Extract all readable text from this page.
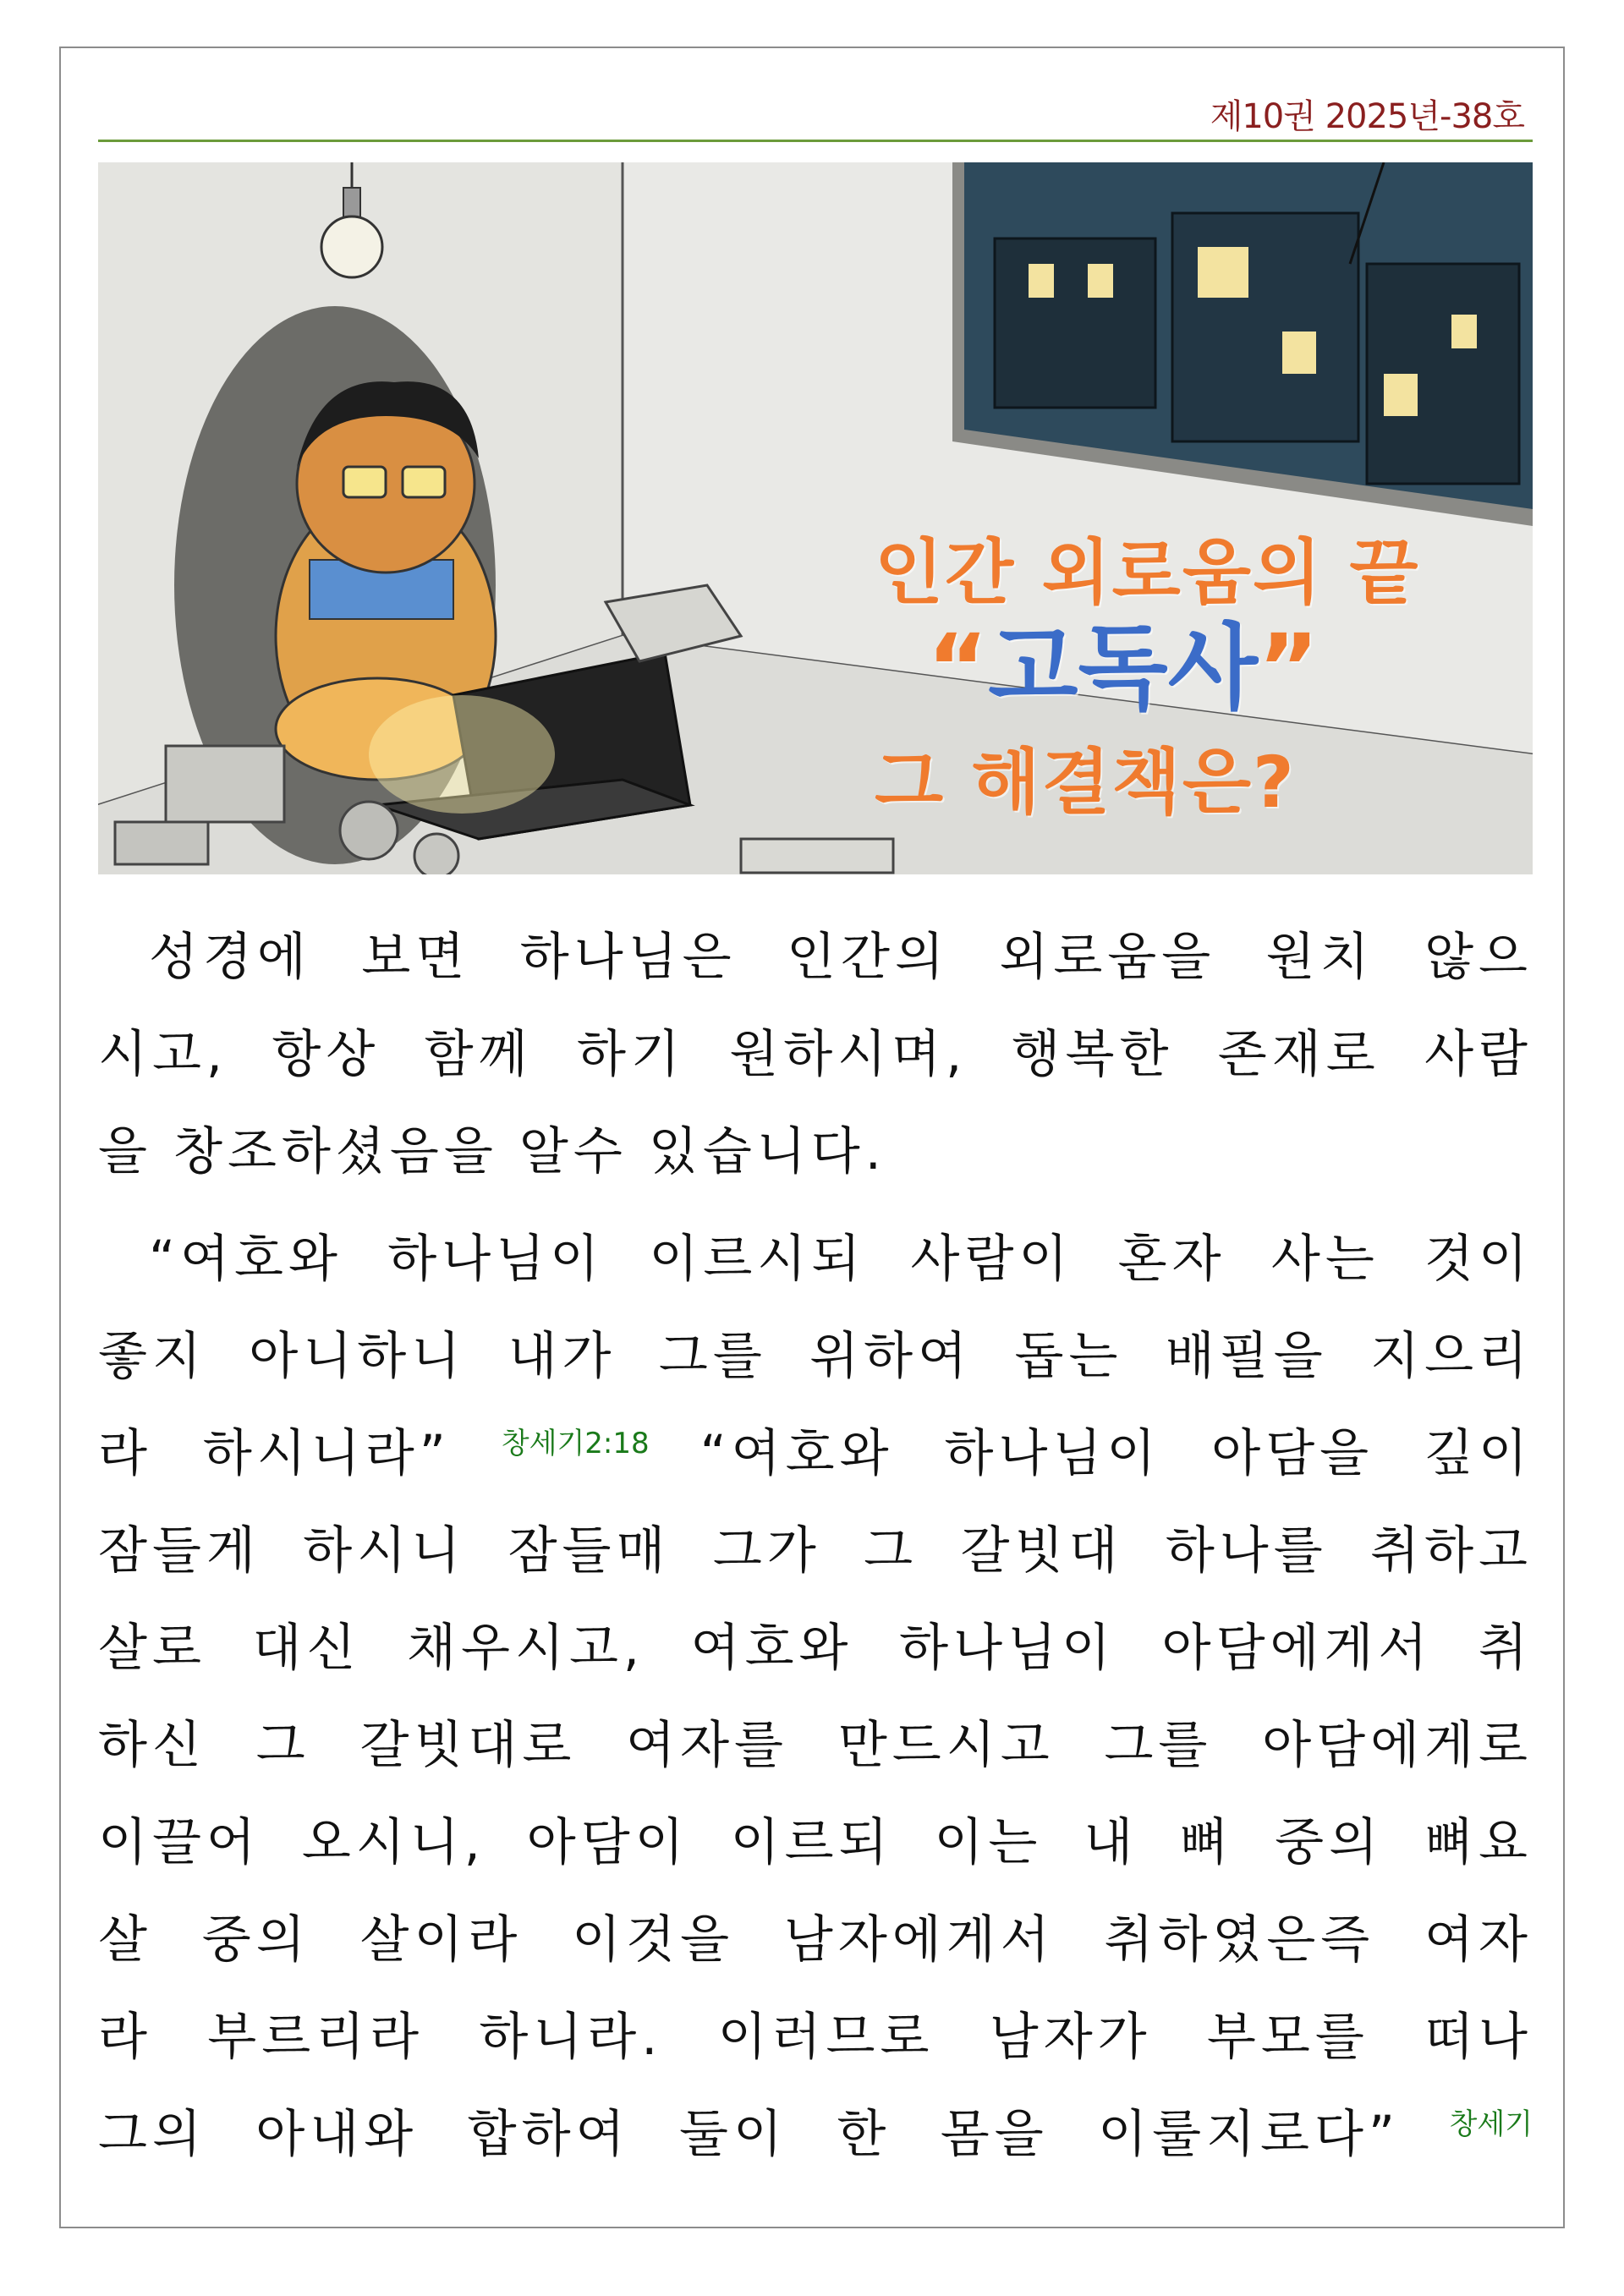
제10권 2025년-38호
인간 외로움의 끝
“고독사”
그 해결책은?
성경에 보면 하나님은 인간의 외로움을 원치 않으
시고, 항상 함께 하기 원하시며, 행복한 존재로 사람
을 창조하셨음을 알수 있습니다.
“여호와 하나님이 이르시되 사람이 혼자 사는 것이
좋지 아니하니 내가 그를 위하여 돕는 배필을 지으리
라 하시니라” $^{창세기2:18}$ “여호와 하나님이 아담을 깊이
잠들게 하시니 잠들매 그가 그 갈빗대 하나를 취하고
살로 대신 채우시고, 여호와 하나님이 아담에게서 취
하신 그 갈빗대로 여자를 만드시고 그를 아담에게로
이끌어 오시니, 아담이 이르되 이는 내 뼈 중의 뼈요
살 중의 살이라 이것을 남자에게서 취하였은즉 여자
라 부르리라 하니라. 이러므로 남자가 부모를 떠나
그의 아내와 합하여 둘이 한 몸을 이룰지로다” $^{창세기}$
